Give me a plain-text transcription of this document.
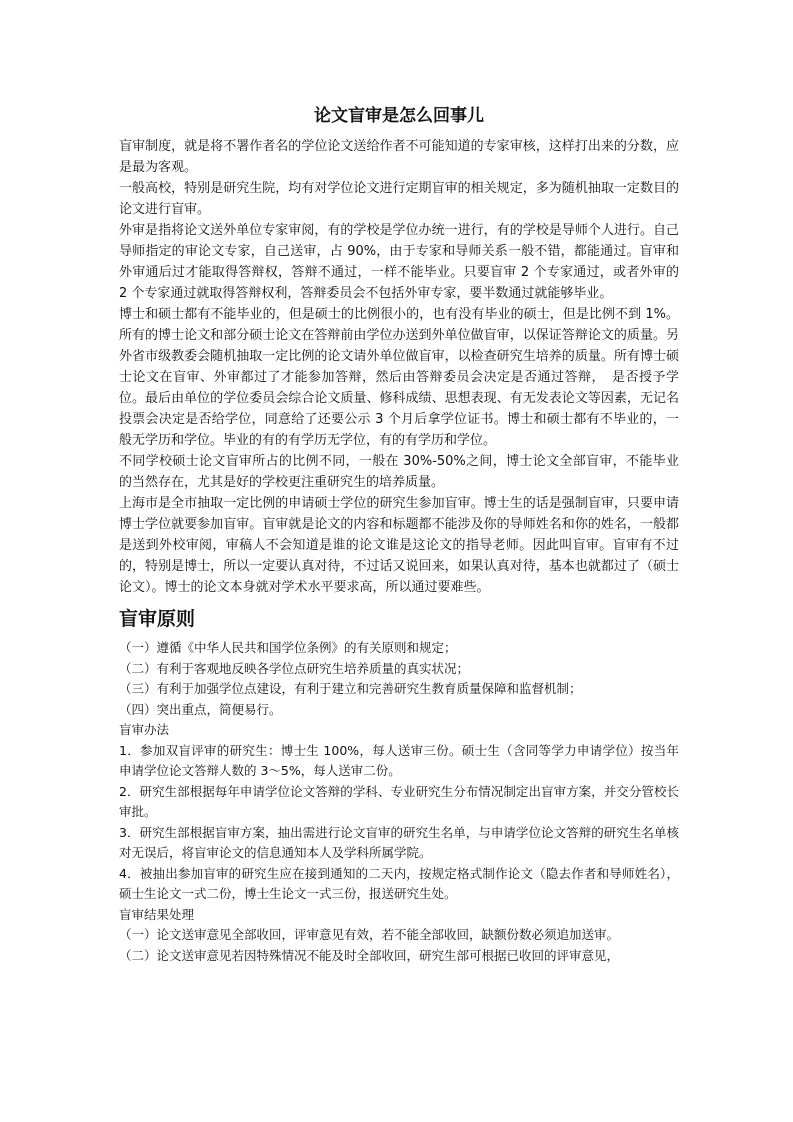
论文盲审是怎么回事儿

盲审制度，就是将不署作者名的学位论文送给作者不可能知道的专家审核，这样打出来的分数，应是最为客观。

一般高校，特别是研究生院，均有对学位论文进行定期盲审的相关规定，多为随机抽取一定数目的论文进行盲审。

外审是指将论文送外单位专家审阅，有的学校是学位办统一进行，有的学校是导师个人进行。自己导师指定的审论文专家，自己送审，占 90%，由于专家和导师关系一般不错，都能通过。盲审和外审通后过才能取得答辩权，答辩不通过，一样不能毕业。只要盲审 2 个专家通过，或者外审的 2 个专家通过就取得答辩权利，答辩委员会不包括外审专家，要半数通过就能够毕业。

博士和硕士都有不能毕业的，但是硕士的比例很小的，也有没有毕业的硕士，但是比例不到 1%。所有的博士论文和部分硕士论文在答辩前由学位办送到外单位做盲审，以保证答辩论文的质量。另外省市级教委会随机抽取一定比例的论文请外单位做盲审，以检查研究生培养的质量。所有博士硕士论文在盲审、外审都过了才能参加答辩，然后由答辩委员会决定是否通过答辩，　是否授予学位。最后由单位的学位委员会综合论文质量、修科成绩、思想表现、有无发表论文等因素，无记名投票会决定是否给学位，同意给了还要公示 3 个月后拿学位证书。博士和硕士都有不毕业的，一般无学历和学位。毕业的有的有学历无学位，有的有学历和学位。

不同学校硕士论文盲审所占的比例不同，一般在 30%-50%之间，博士论文全部盲审，不能毕业的当然存在，尤其是好的学校更注重研究生的培养质量。

上海市是全市抽取一定比例的申请硕士学位的研究生参加盲审。博士生的话是强制盲审，只要申请博士学位就要参加盲审。盲审就是论文的内容和标题都不能涉及你的导师姓名和你的姓名，一般都是送到外校审阅，审稿人不会知道是谁的论文谁是这论文的指导老师。因此叫盲审。盲审有不过的，特别是博士，所以一定要认真对待，不过话又说回来，如果认真对待，基本也就都过了（硕士论文）。博士的论文本身就对学术水平要求高，所以通过要难些。

盲审原则

（一）遵循《中华人民共和国学位条例》的有关原则和规定；

（二）有利于客观地反映各学位点研究生培养质量的真实状况；

（三）有利于加强学位点建设，有利于建立和完善研究生教育质量保障和监督机制；

（四）突出重点，简便易行。

盲审办法

1．参加双盲评审的研究生：博士生 100%，每人送审三份。硕士生（含同等学力申请学位）按当年申请学位论文答辩人数的 3～5%，每人送审二份。

2．研究生部根据每年申请学位论文答辩的学科、专业研究生分布情况制定出盲审方案，并交分管校长审批。

3．研究生部根据盲审方案，抽出需进行论文盲审的研究生名单，与申请学位论文答辩的研究生名单核对无误后，将盲审论文的信息通知本人及学科所属学院。

4．被抽出参加盲审的研究生应在接到通知的二天内，按规定格式制作论文（隐去作者和导师姓名），硕士生论文一式二份，博士生论文一式三份，报送研究生处。

盲审结果处理

（一）论文送审意见全部收回，评审意见有效，若不能全部收回，缺额份数必须追加送审。

（二）论文送审意见若因特殊情况不能及时全部收回，研究生部可根据已收回的评审意见，
